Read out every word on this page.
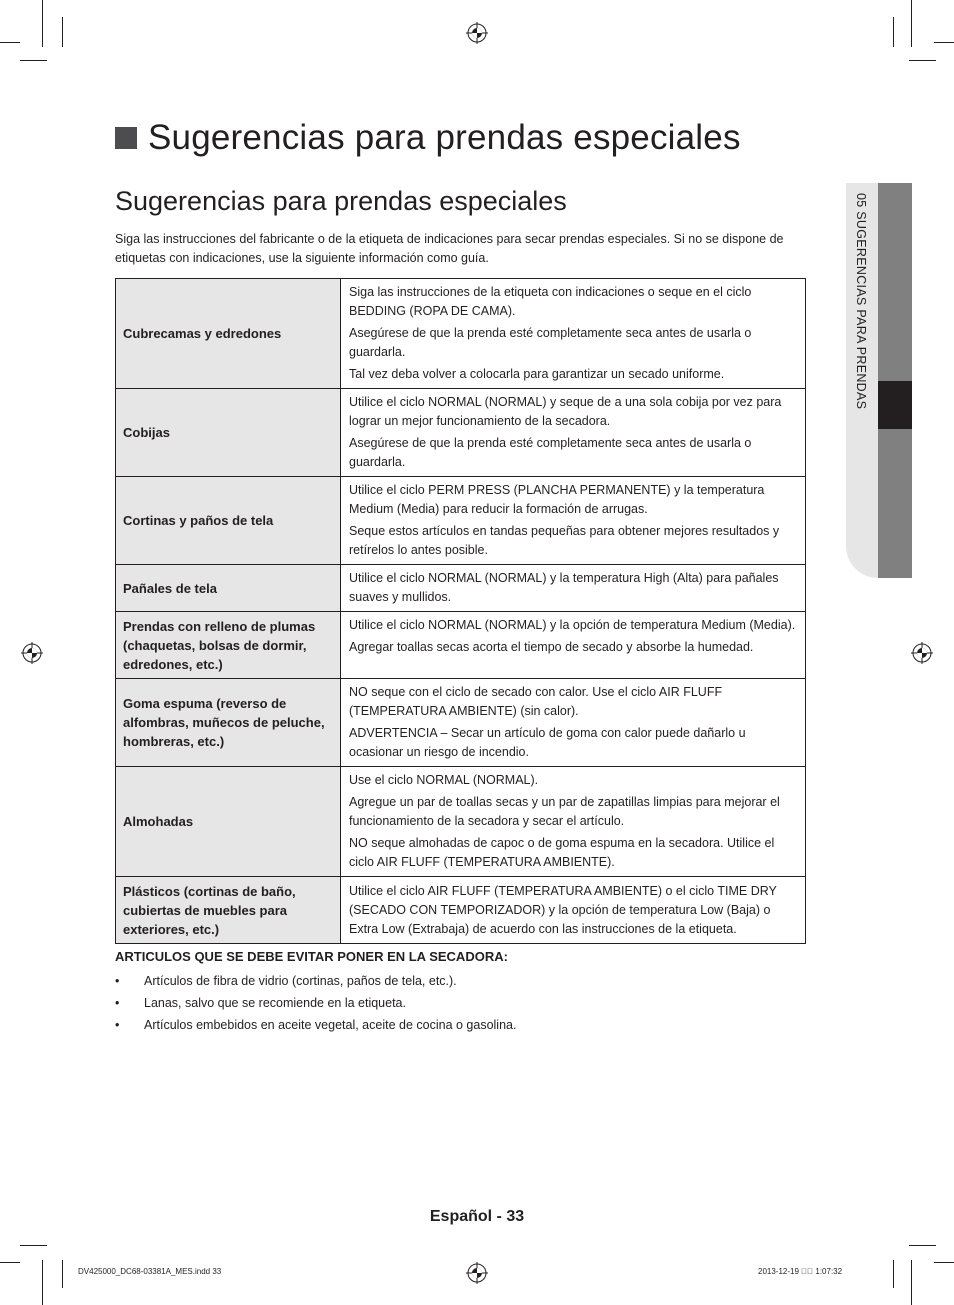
Sugerencias para prendas especiales
05 SUGERENCIAS PARA PRENDAS
Sugerencias para prendas especiales
Siga las instrucciones del fabricante o de la etiqueta de indicaciones para secar prendas especiales. Si no se dispone de etiquetas con indicaciones, use la siguiente información como guía.
Cubrecamas y edredones	Siga las instrucciones de la etiqueta con indicaciones o seque en el ciclo BEDDING (ROPA DE CAMA).

Asegúrese de que la prenda esté completamente seca antes de usarla o guardarla.

Tal vez deba volver a colocarla para garantizar un secado uniforme.

Cobijas	Utilice el ciclo NORMAL (NORMAL) y seque de a una sola cobija por vez para lograr un mejor funcionamiento de la secadora.

Asegúrese de que la prenda esté completamente seca antes de usarla o guardarla.

Cortinas y paños de tela	Utilice el ciclo PERM PRESS (PLANCHA PERMANENTE) y la temperatura Medium (Media) para reducir la formación de arrugas.

Seque estos artículos en tandas pequeñas para obtener mejores resultados y retírelos lo antes posible.

Pañales de tela	Utilice el ciclo NORMAL (NORMAL) y la temperatura High (Alta) para pañales suaves y mullidos.

Prendas con relleno de plumas (chaquetas, bolsas de dormir, edredones, etc.)	Utilice el ciclo NORMAL (NORMAL) y la opción de temperatura Medium (Media).

Agregar toallas secas acorta el tiempo de secado y absorbe la humedad.

Goma espuma (reverso de alfombras, muñecos de peluche, hombreras, etc.)	NO seque con el ciclo de secado con calor. Use el ciclo AIR FLUFF (TEMPERATURA AMBIENTE) (sin calor).

ADVERTENCIA – Secar un artículo de goma con calor puede dañarlo u ocasionar un riesgo de incendio.

Almohadas	Use el ciclo NORMAL (NORMAL).

Agregue un par de toallas secas y un par de zapatillas limpias para mejorar el funcionamiento de la secadora y secar el artículo.

NO seque almohadas de capoc o de goma espuma en la secadora. Utilice el ciclo AIR FLUFF (TEMPERATURA AMBIENTE).

Plásticos (cortinas de baño, cubiertas de muebles para exteriores, etc.)	Utilice el ciclo AIR FLUFF (TEMPERATURA AMBIENTE) o el ciclo TIME DRY (SECADO CON TEMPORIZADOR) y la opción de temperatura Low (Baja) o Extra Low (Extrabaja) de acuerdo con las instrucciones de la etiqueta.

ARTICULOS QUE SE DEBE EVITAR PONER EN LA SECADORA:
• Artículos de fibra de vidrio (cortinas, paños de tela, etc.).
• Lanas, salvo que se recomiende en la etiqueta.
• Artículos embebidos en aceite vegetal, aceite de cocina o gasolina.
Español - 33
DV425000_DC68-03381A_MES.indd 33	2013-12-19 ￿￿ 1:07:32
